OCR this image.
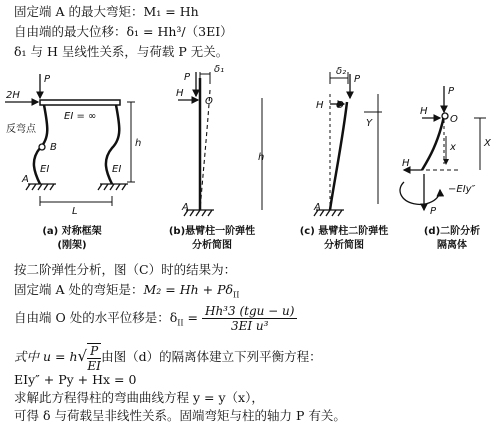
固定端 A 的最大弯矩：M₁ = Hh
自由端的最大位移：δ₁ = Hh³/（3EI）
δ₁ 与 H 呈线性关系，与荷载 P 无关。
P
2H
EI = ∞
反弯点
B
EI	EI
A
L
h
P
H
O
δ₁
A
h
P
H O
δ₂
Y
A
P
H
O
x	X
H
P
−EIy″
(a) 对称框架
(刚架)
(b)悬臂柱一阶弹性
分析简图
(c) 悬臂柱二阶弹性
分析简图
(d)二阶分析
隔离体
按二阶弹性分析，图（C）时的结果为：
固定端 A 处的弯矩是：$M_2 = Hh + P\delta_{II}$
自由端 O 处的水平位移是：$\delta_{II} = \frac{\text{Hh³3 (tgu − u)}}{\text{3EI u³}}$
式中 $u = h√ \frac{P}{EI}$ 由图（d）的隔离体建立下列平衡方程：
EIy″ + Py + Hx = 0
求解此方程得柱的弯曲曲线方程 y = y（x），
可得 δ 与荷载呈非线性关系。固端弯矩与柱的轴力 P 有关。
